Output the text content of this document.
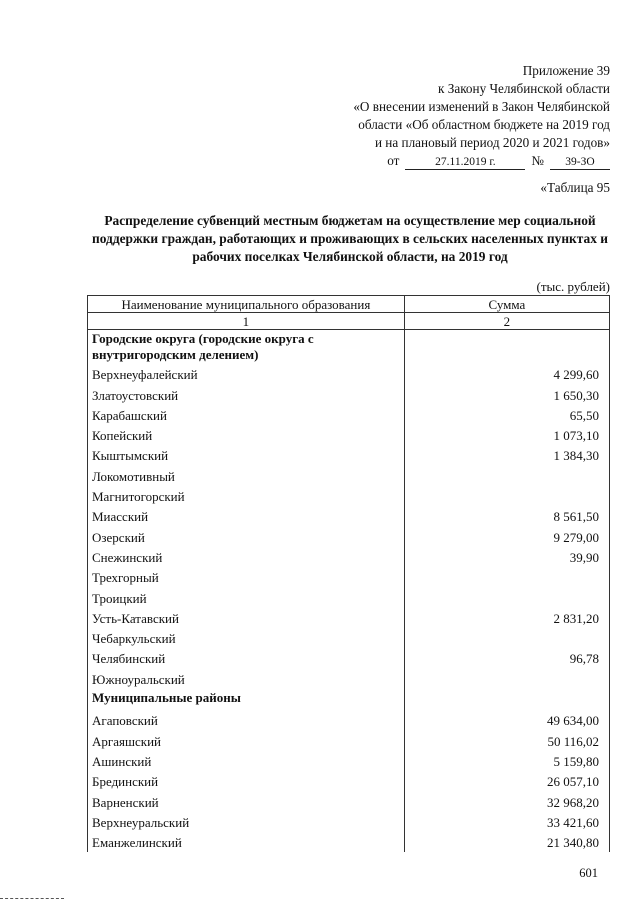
Приложение 39
к Закону Челябинской области
«О внесении изменений в Закон Челябинской
области «Об областном бюджете на 2019 год
и на плановый период 2020 и 2021 годов»
от	27.11.2019 г.	№	39-ЗО
«Таблица 95
Распределение субвенций местным бюджетам на осуществление мер социальной поддержки граждан, работающих и проживающих в сельских населенных пунктах и рабочих поселках Челябинской области, на 2019 год
(тыс. рублей)
Наименование муниципального образования	Сумма
1	2
Городские округа (городские округа с внутригородским делением)	
Верхнеуфалейский	4 299,60
Златоустовский	1 650,30
Карабашский	65,50
Копейский	1 073,10
Кыштымский	1 384,30
Локомотивный	
Магнитогорский	
Миасский	8 561,50
Озерский	9 279,00
Снежинский	39,90
Трехгорный	
Троицкий	
Усть-Катавский	2 831,20
Чебаркульский	
Челябинский	96,78
Южноуральский	
Муниципальные районы	
Агаповский	49 634,00
Аргаяшский	50 116,02
Ашинский	5 159,80
Брединский	26 057,10
Варненский	32 968,20
Верхнеуральский	33 421,60
Еманжелинский	21 340,80
601
